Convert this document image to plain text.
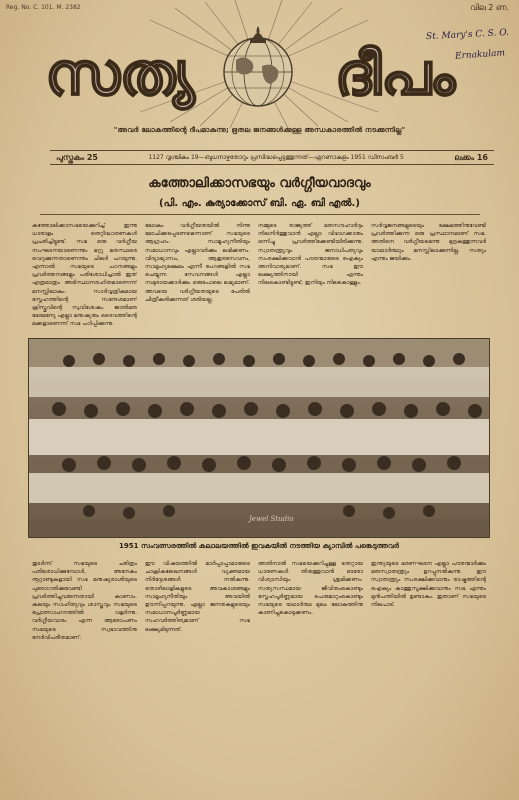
Reg. No. C. 101. M. 2382	വില 2 ണ.
സത്യ ദീപം
St. Mary's C. S. O.
Ernakulam
"അവർ ലോകത്തിന്റെ ദീപമാകുന്നു; ഭൂതല ജനങ്ങൾക്കുള്ള അന്ധകാരത്തിൽ നടക്കുന്നില്ല"
പുസ്തകം 25	1127 വൃശ്ചികം 19—ബുധനാഴ്ചതോറും പ്രസിദ്ധപ്പെടുത്തുന്നത്—ഏറണാകുളം 1951 ഡിസംബർ 5	ലക്കം 16
കത്തോലിക്കാസഭയും വർഗ്ഗീയവാദവും
(പി. എം. കുര്യാക്കോസ് ബി. ഏ. ബി എൽ.)
കത്തോലിക്കാസഭയെക്കുറിച്ച് ഇന്നു ധാരാളം തെറ്റിദ്ധാരണകൾ പ്രചരിച്ചിട്ടുണ്ട്. സഭ ഒരു വർഗ്ഗീയ സംഘടനയാണെന്നും മറ്റു മതസ്ഥരെ വെറുക്കുന്നതാണെന്നും ചിലർ പറയുന്നു. എന്നാൽ സഭയുടെ പഠനങ്ങളും പ്രവർത്തനങ്ങളും പരിശോധിച്ചാൽ ഇത് എത്രമാത്രം അടിസ്ഥാനരഹിതമാണെന്ന് മനസ്സിലാകും. സാർവ്വത്രികമായ സ്നേഹത്തിന്റെ സന്ദേശമാണ് ക്രിസ്തുവിന്റെ സുവിശേഷം. ജാതിമത ഭേദമന്യേ എല്ലാ മനുഷ്യരും ദൈവത്തിന്റെ മക്കളാണെന്ന് സഭ പഠിപ്പിക്കുന്നു.
ലോകം വർഗ്ഗീയതയിൽ നിന്നു മോചിക്കപ്പെടണമെന്നാണ് സഭയുടെ ആഗ്രഹം. സാമൂഹ്യനീതിയും സമാധാനവും എല്ലാവർക്കും ലഭിക്കണം. വിദ്യാഭ്യാസം, ആതുരസേവനം, സാമൂഹ്യക്ഷേമം എന്നീ രംഗങ്ങളിൽ സഭ ചെയ്യുന്ന സേവനങ്ങൾ എല്ലാ സമുദായക്കാർക്കും ഒരുപോലെ ലഭ്യമാണ്. അവയെ വർഗ്ഗീയതയുടെ പേരിൽ ചിത്രീകരിക്കുന്നത് ശരിയല്ല.
നമ്മുടെ രാജ്യത്ത് മതസൗഹാർദ്ദം നിലനിർത്തുവാൻ എല്ലാ വിഭാഗക്കാരും ഒന്നിച്ചു പ്രവർത്തിക്കേണ്ടിയിരിക്കുന്നു. സ്വാതന്ത്ര്യവും ജനാധിപത്യവും സംരക്ഷിക്കുവാൻ പൗരന്മാരുടെ ഐക്യം അനിവാര്യമാണ്. സഭ ഈ ലക്ഷ്യത്തിനായി എന്നും നിലകൊണ്ടിട്ടുണ്ട്; ഇനിയും നിലകൊള്ളും.
സർവ്വജനങ്ങളുടെയും ക്ഷേമത്തിനുവേണ്ടി പ്രവർത്തിക്കുന്ന ഒരു പ്രസ്ഥാനമാണ് സഭ. അതിനെ വർഗ്ഗീയമെന്നു മുദ്രകുത്തുന്നവർ യാഥാർത്ഥ്യം മനസ്സിലാക്കുന്നില്ല. സത്യം എന്നും ജയിക്കും.
Jewel Studio
1951 സംവത്സരത്തിൽ കലാലയത്തിൽ ഇവകയിൽ നടത്തിയ ക്യാമ്പിൽ പങ്കെടുത്തവർ
തുടർന്ന് സഭയുടെ ചരിത്രം പരിശോധിക്കുമ്പോൾ, അനേകം നൂറ്റാണ്ടുകളായി സഭ മനുഷ്യരാശിയുടെ പുരോഗതിക്കുവേണ്ടി പ്രവർത്തിച്ചുവരുന്നതായി കാണാം. കലയും സാഹിത്യവും ശാസ്ത്രവും സഭയുടെ പ്രോത്സാഹനത്തിൽ വളർന്നു. വർഗ്ഗീയവാദം എന്ന ആരോപണം സഭയുടെ സ്വഭാവത്തിനു നേർവിപരീതമാണ്.
ഈ വിഷയത്തിൽ മാർപ്പാപ്പാമാരുടെ ചാക്രികലേഖനങ്ങൾ വ്യക്തമായ നിർദ്ദേശങ്ങൾ നൽകുന്നു. തൊഴിലാളികളുടെ അവകാശങ്ങളും സാമൂഹ്യനീതിയും അവയിൽ ഊന്നിപ്പറയുന്നു. എല്ലാ ജനതകളുടെയും സമാധാനപൂർണ്ണമായ സഹവർത്തിത്വമാണ് സഭ ലക്ഷ്യമിടുന്നത്.
അതിനാൽ സഭയെക്കുറിച്ചുള്ള തെറ്റായ ധാരണകൾ തിരുത്തുവാൻ ഓരോ വിശ്വാസിയും ശ്രമിക്കണം. സത്യസന്ധമായ ജീവിതംകൊണ്ടും സ്നേഹപൂർണ്ണമായ പെരുമാറ്റംകൊണ്ടും സഭയുടെ യഥാർത്ഥ മുഖം ലോകത്തിനു കാണിച്ചുകൊടുക്കണം.
ഇന്ത്യയുടെ ഭരണഘടന എല്ലാ പൗരന്മാർക്കും മതസ്വാതന്ത്ര്യം ഉറപ്പുനൽകുന്നു. ഈ സ്വാതന്ത്ര്യം സംരക്ഷിക്കുവാനും രാഷ്ട്രത്തിന്റെ ഐക്യം കാത്തുസൂക്ഷിക്കുവാനും സഭ എന്നും മുൻപന്തിയിൽ ഉണ്ടാകും. ഇതാണ് സഭയുടെ നിലപാട്.
